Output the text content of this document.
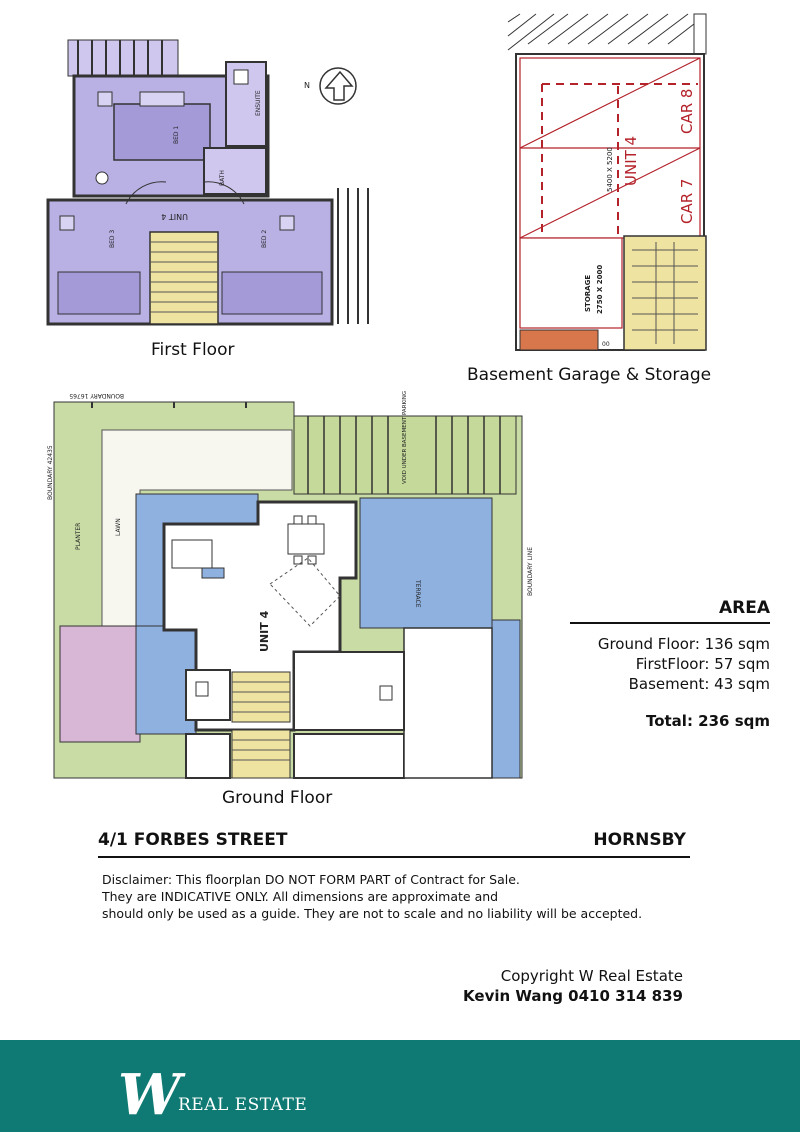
BED 1
BATH
ENSUITE
BED 3	BED 2
UNIT 4
N
First Floor	00
CAR 8
CAR 7
UNIT 4
5400 X 5200
STORAGE 2750 X 2000
Basement Garage & Storage
BOUNDARY 16765
BOUNDARY 42435
BOUNDARY LINE
PLANTER	LAWN
TERRACE
VOID UNDER BASEMENT PARKING
UNIT 4
Ground Floor
AREA
Ground Floor: 136 sqm
FirstFloor: 57 sqm
Basement: 43 sqm
Total: 236 sqm
4/1 FORBES STREET	HORNSBY
Disclaimer: This floorplan DO NOT FORM PART of Contract for Sale.
They are INDICATIVE ONLY. All dimensions are approximate and
should only be used as a guide. They are not to scale and no liability will be accepted.
Copyright W Real Estate
Kevin Wang 0410 314 839
W REAL ESTATE
